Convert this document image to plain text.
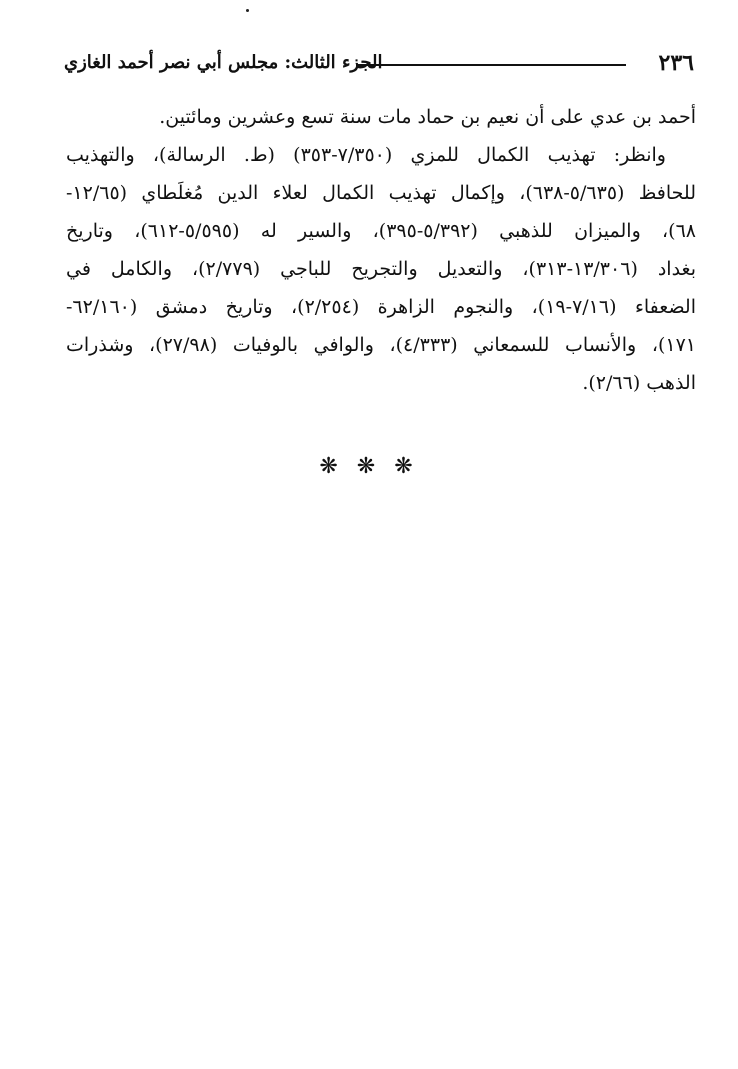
٢٣٦
الجزء الثالث: مجلس أبي نصر أحمد الغازي
أحمد بن عدي على أن نعيم بن حماد مات سنة تسع وعشرين ومائتين.
وانظر: تهذيب الكمال للمزي (٧/٣٥٠-٣٥٣) (ط. الرسالة)، والتهذيب
للحافظ (٥/٦٣٥-٦٣٨)، وإكمال تهذيب الكمال لعلاء الدين مُغلَطاي (١٢/٦٥-
٦٨)، والميزان للذهبي (٥/٣٩٢-٣٩٥)، والسير له (٥/٥٩٥-٦١٢)، وتاريخ
بغداد (١٣/٣٠٦-٣١٣)، والتعديل والتجريح للباجي (٢/٧٧٩)، والكامل في
الضعفاء (٧/١٦-١٩)، والنجوم الزاهرة (٢/٢٥٤)، وتاريخ دمشق (٦٢/١٦٠-
١٧١)، والأنساب للسمعاني (٤/٣٣٣)، والوافي بالوفيات (٢٧/٩٨)، وشذرات
الذهب (٢/٦٦).
❋ ❋ ❋
